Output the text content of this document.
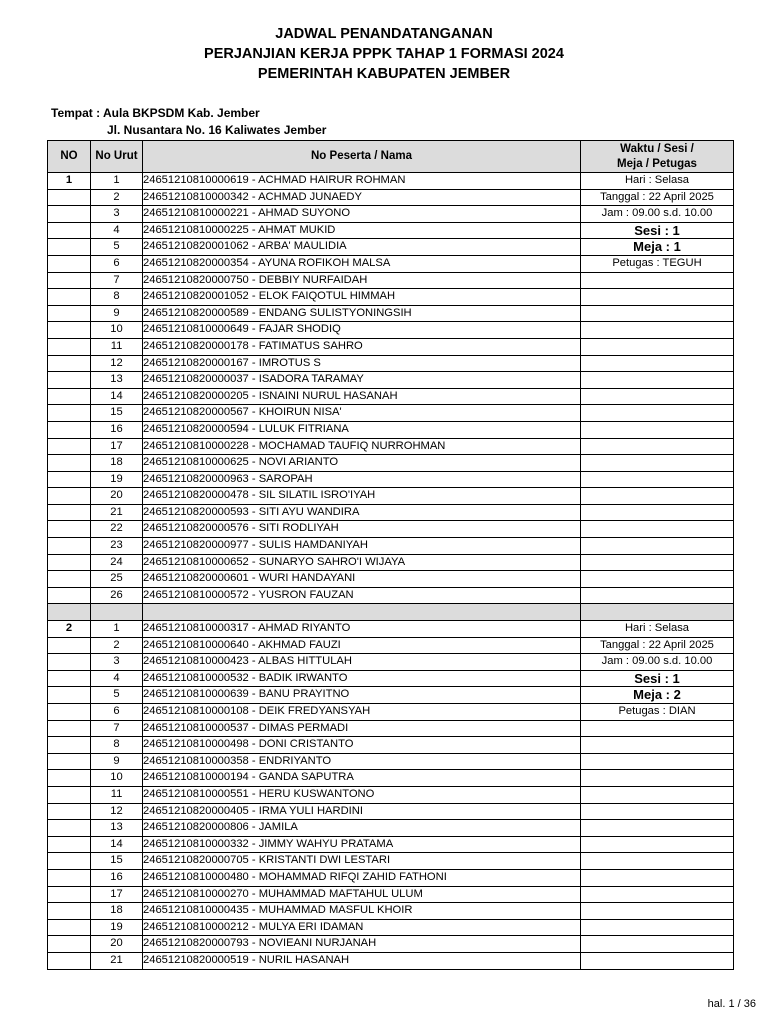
JADWAL PENANDATANGANAN
PERJANJIAN KERJA PPPK TAHAP 1 FORMASI 2024
PEMERINTAH KABUPATEN JEMBER
Tempat : Aula BKPSDM Kab. Jember
Jl. Nusantara No. 16 Kaliwates Jember
NO	No Urut	No Peserta / Nama	Waktu / Sesi /
Meja / Petugas
1	1	24651210810000619 - ACHMAD HAIRUR ROHMAN	Hari : Selasa
	2	24651210810000342 - ACHMAD JUNAEDY	Tanggal : 22 April 2025
	3	24651210810000221 - AHMAD SUYONO	Jam : 09.00 s.d. 10.00
	4	24651210810000225 - AHMAT MUKID	Sesi : 1
	5	24651210820001062 - ARBA' MAULIDIA	Meja : 1
	6	24651210820000354 - AYUNA ROFIKOH MALSA	Petugas : TEGUH
	7	24651210820000750 - DEBBIY NURFAIDAH	
	8	24651210820001052 - ELOK FAIQOTUL HIMMAH	
	9	24651210820000589 - ENDANG SULISTYONINGSIH	
	10	24651210810000649 - FAJAR SHODIQ	
	11	24651210820000178 - FATIMATUS SAHRO	
	12	24651210820000167 - IMROTUS S	
	13	24651210820000037 - ISADORA TARAMAY	
	14	24651210820000205 - ISNAINI NURUL HASANAH	
	15	24651210820000567 - KHOIRUN NISA'	
	16	24651210820000594 - LULUK FITRIANA	
	17	24651210810000228 - MOCHAMAD TAUFIQ NURROHMAN	
	18	24651210810000625 - NOVI ARIANTO	
	19	24651210820000963 - SAROPAH	
	20	24651210820000478 - SIL SILATIL ISRO'IYAH	
	21	24651210820000593 - SITI AYU WANDIRA	
	22	24651210820000576 - SITI RODLIYAH	
	23	24651210820000977 - SULIS HAMDANIYAH	
	24	24651210810000652 - SUNARYO SAHRO'I WIJAYA	
	25	24651210820000601 - WURI HANDAYANI	
	26	24651210810000572 - YUSRON FAUZAN	

2	1	24651210810000317 - AHMAD RIYANTO	Hari : Selasa
	2	24651210810000640 - AKHMAD FAUZI	Tanggal : 22 April 2025
	3	24651210810000423 - ALBAS HITTULAH	Jam : 09.00 s.d. 10.00
	4	24651210810000532 - BADIK IRWANTO	Sesi : 1
	5	24651210810000639 - BANU PRAYITNO	Meja : 2
	6	24651210810000108 - DEIK FREDYANSYAH	Petugas : DIAN
	7	24651210810000537 - DIMAS PERMADI	
	8	24651210810000498 - DONI CRISTANTO	
	9	24651210810000358 - ENDRIYANTO	
	10	24651210810000194 - GANDA SAPUTRA	
	11	24651210810000551 - HERU KUSWANTONO	
	12	24651210820000405 - IRMA YULI HARDINI	
	13	24651210820000806 - JAMILA	
	14	24651210810000332 - JIMMY WAHYU PRATAMA	
	15	24651210820000705 - KRISTANTI DWI LESTARI	
	16	24651210810000480 - MOHAMMAD RIFQI ZAHID FATHONI	
	17	24651210810000270 - MUHAMMAD MAFTAHUL ULUM	
	18	24651210810000435 - MUHAMMAD MASFUL KHOIR	
	19	24651210810000212 - MULYA ERI IDAMAN	
	20	24651210820000793 - NOVIEANI NURJANAH	
	21	24651210820000519 - NURIL HASANAH	
hal. 1 / 36
